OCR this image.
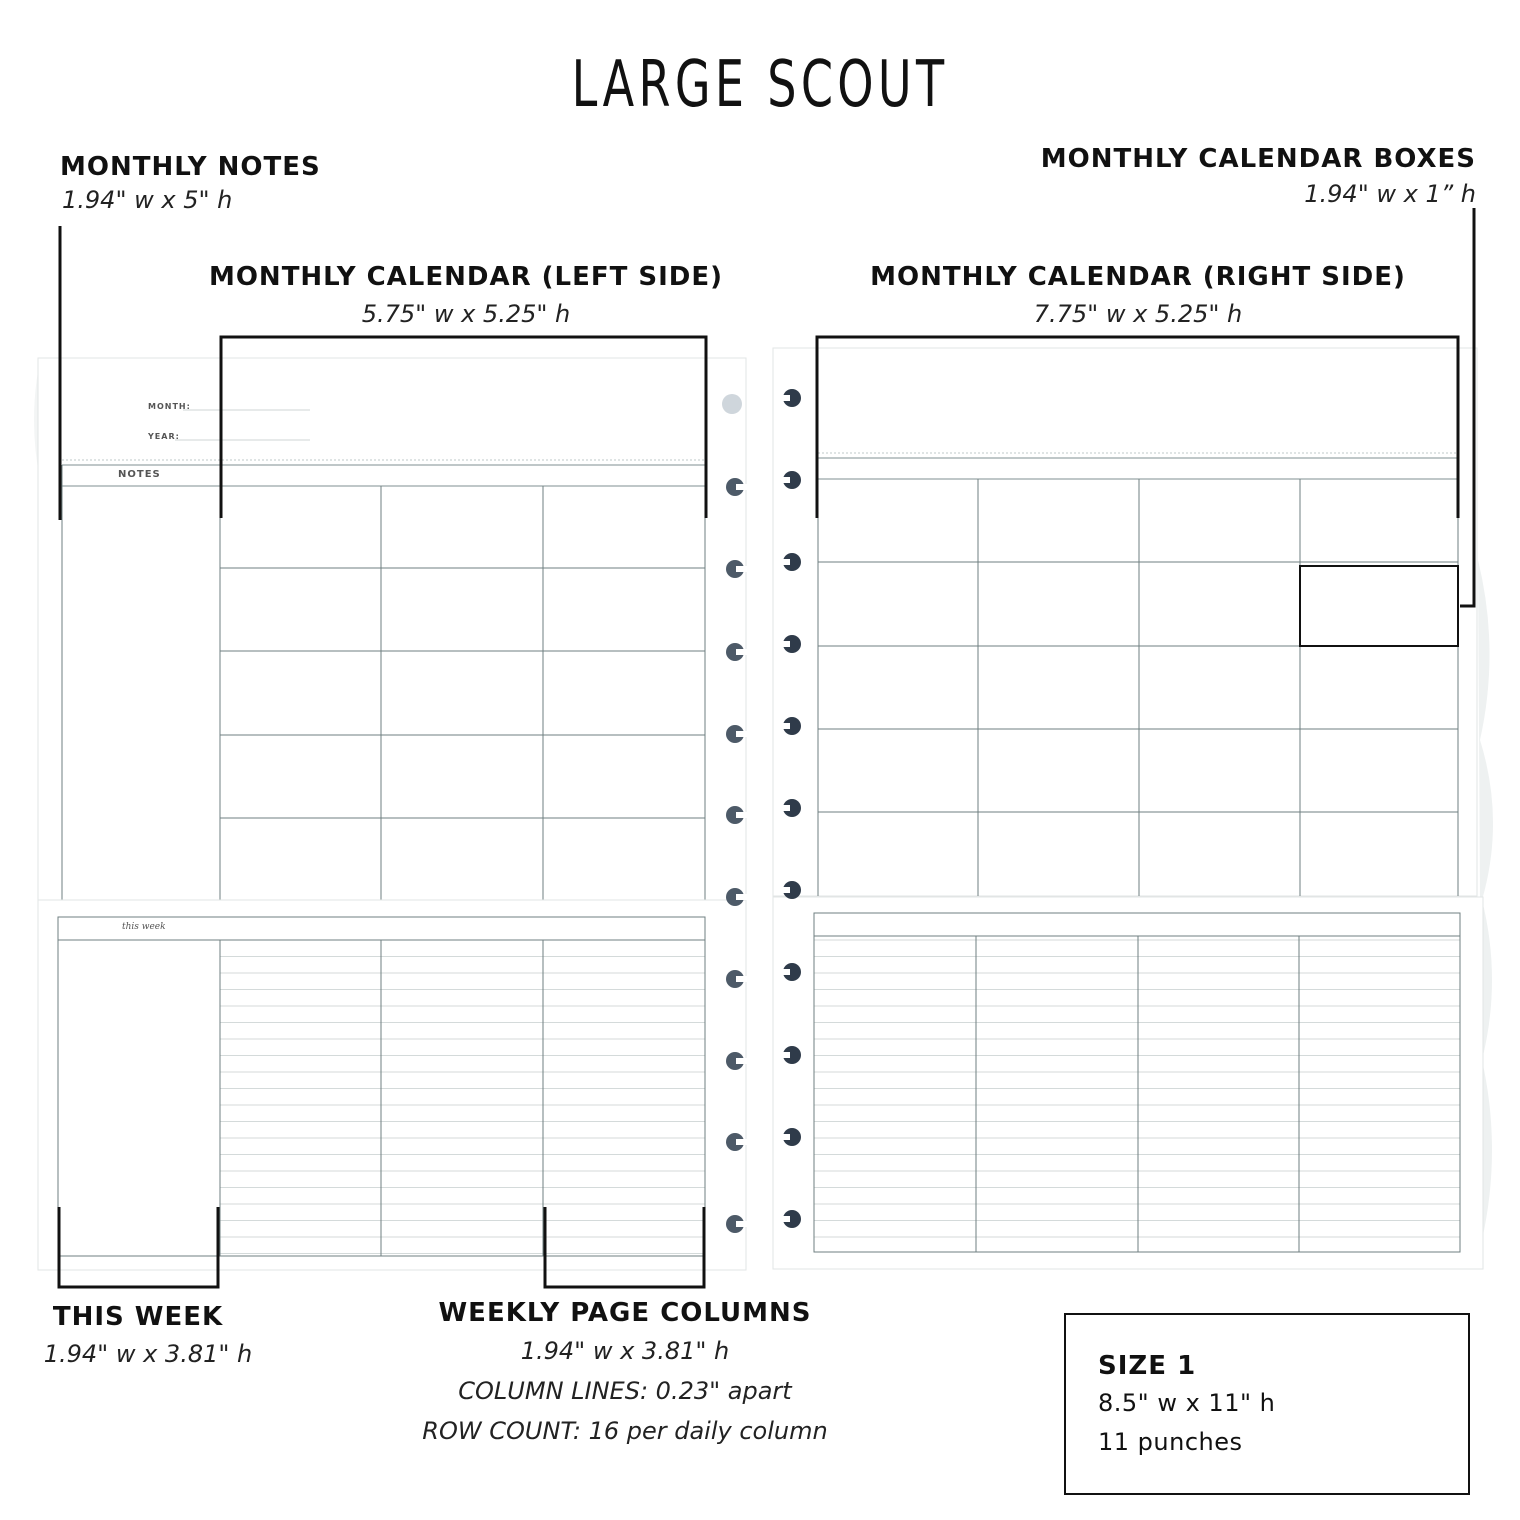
LARGE SCOUT
MONTH:
YEAR:
NOTES
this week
MONTHLY NOTES
1.94" w x 5" h
MONTHLY CALENDAR BOXES
1.94" w x 1” h
MONTHLY CALENDAR (LEFT SIDE)
5.75" w x 5.25" h
MONTHLY CALENDAR (RIGHT SIDE)
7.75" w x 5.25" h
THIS WEEK
1.94" w x 3.81" h
WEEKLY PAGE COLUMNS
1.94" w x 3.81" h
COLUMN LINES: 0.23" apart
ROW COUNT: 16 per daily column
SIZE 1
8.5" w x 11" h
11 punches
